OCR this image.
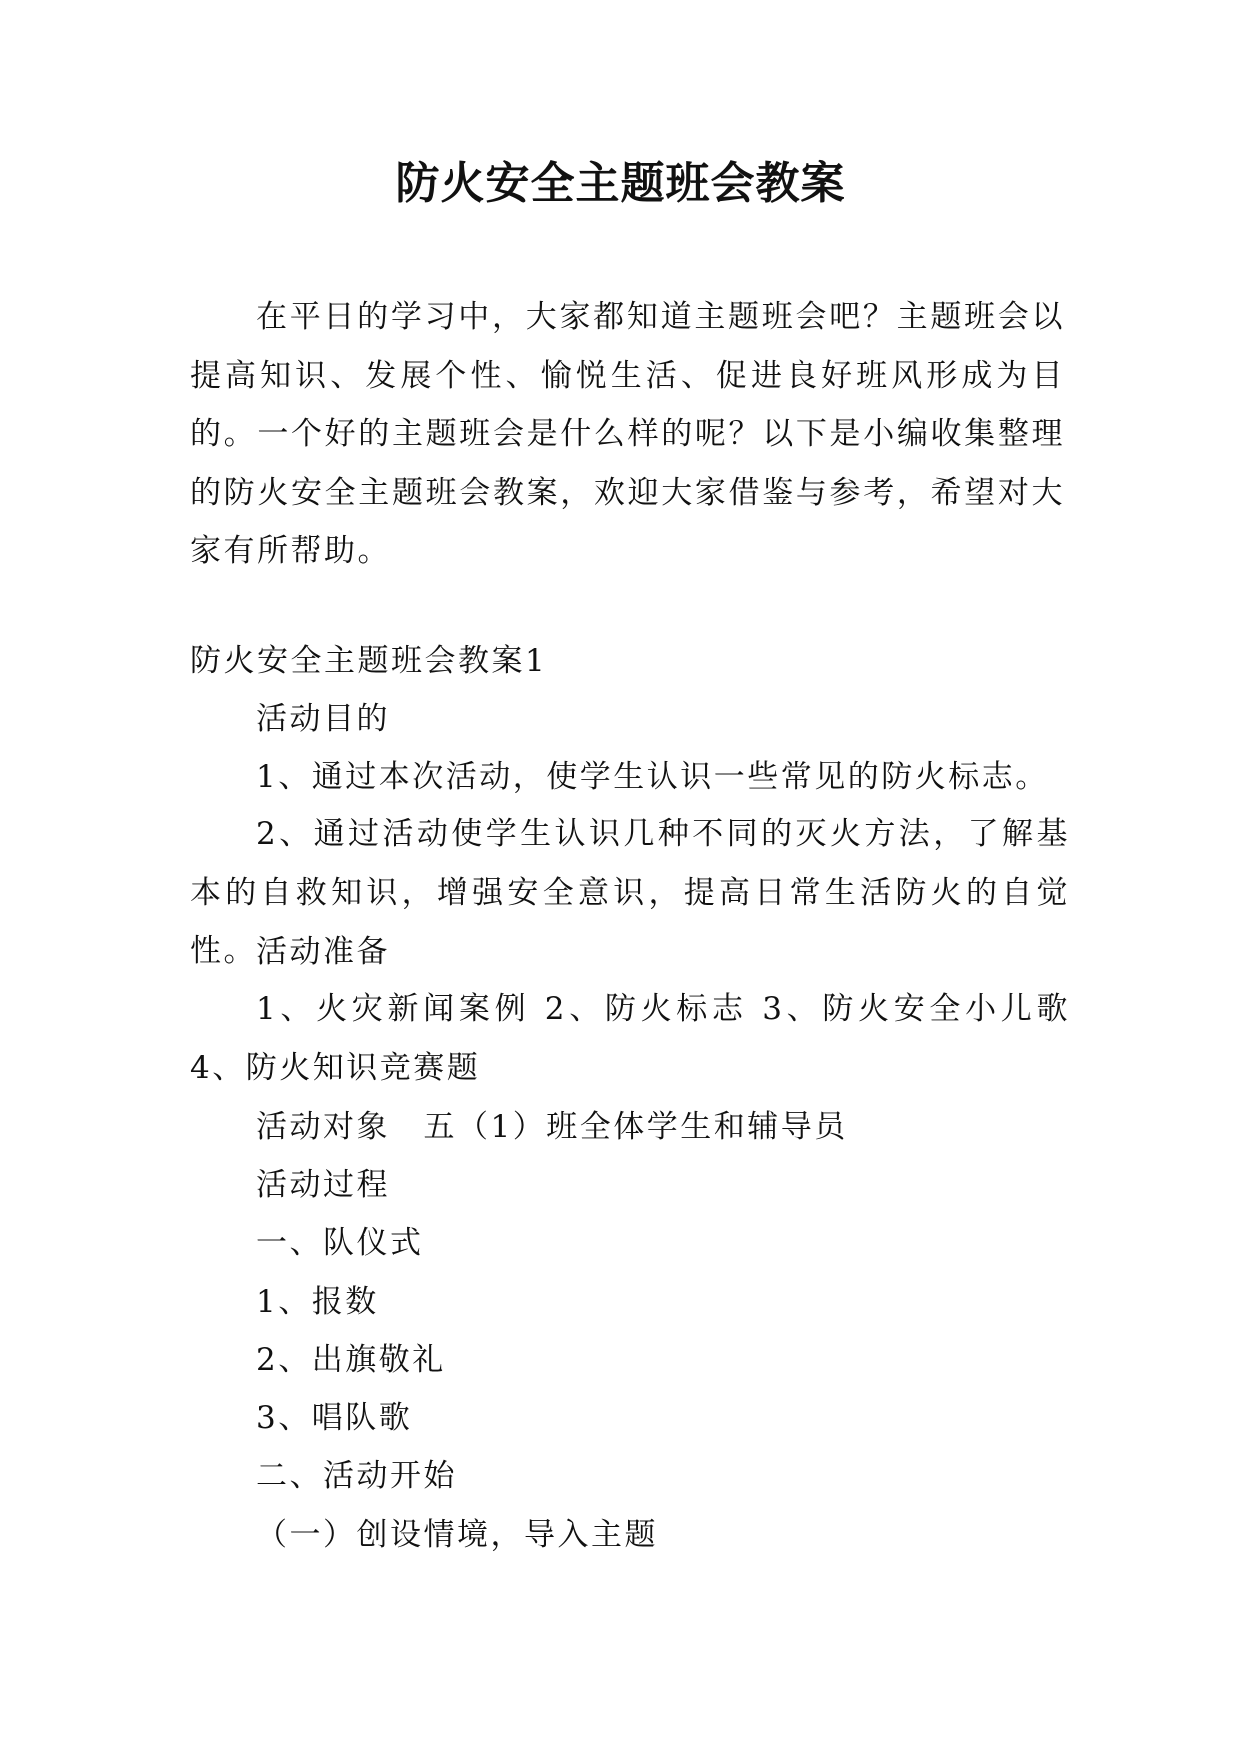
防火安全主题班会教案

在平日的学习中，大家都知道主题班会吧？主题班会以提高知识、发展个性、愉悦生活、促进良好班风形成为目的。一个好的主题班会是什么样的呢？以下是小编收集整理的防火安全主题班会教案，欢迎大家借鉴与参考，希望对大家有所帮助。

防火安全主题班会教案1

活动目的

1、通过本次活动，使学生认识一些常见的防火标志。

2、通过活动使学生认识几种不同的灭火方法，了解基本的自救知识，增强安全意识，提高日常生活防火的自觉性。 活动准备

1、火灾新闻案例 2、防火标志 3、防火安全小儿歌 4、防火知识竞赛题

活动对象　五（1）班全体学生和辅导员

活动过程

一、队仪式

1、报数

2、出旗敬礼

3、唱队歌

二、活动开始

（一）创设情境，导入主题
